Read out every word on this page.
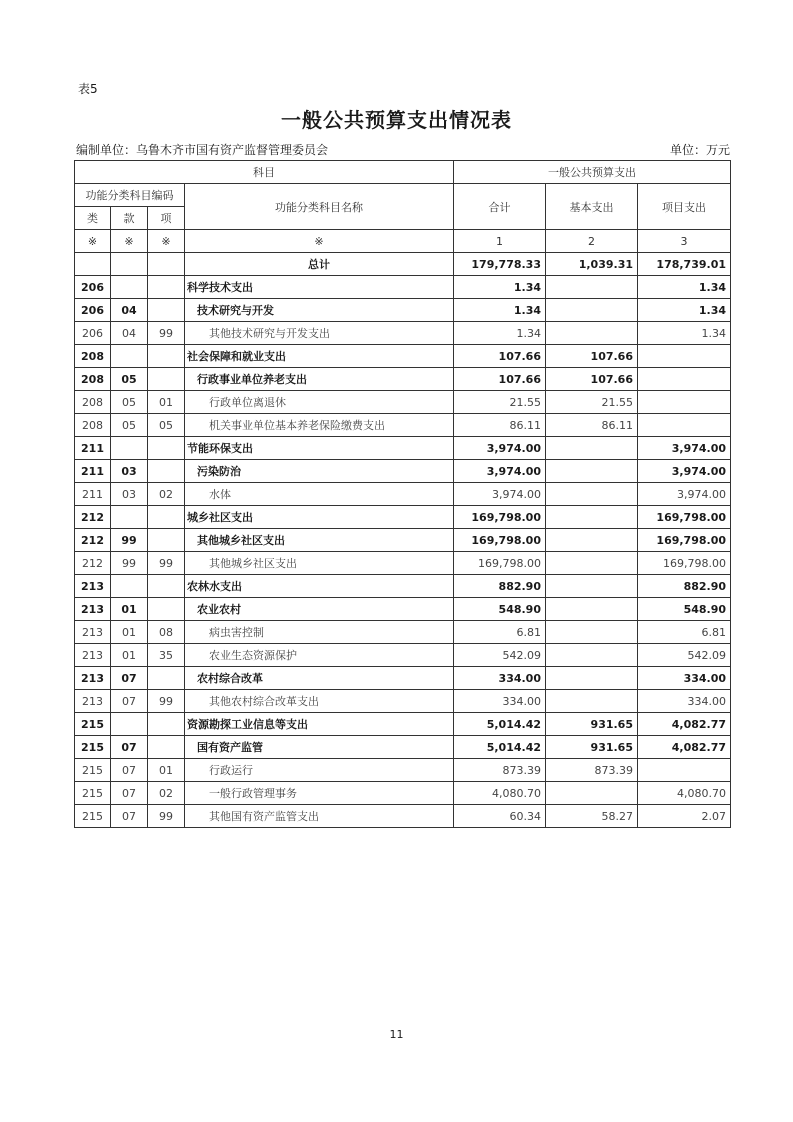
表5
一般公共预算支出情况表
编制单位：乌鲁木齐市国有资产监督管理委员会	单位：万元
科目				一般公共预算支出		
功能分类科目编码			功能分类科目名称	合计	基本支出	项目支出
类	款	项				
※	※	※	※	1	2	3
			总计	179,778.33	1,039.31	178,739.01
206			科学技术支出	1.34		1.34
206	04		技术研究与开发	1.34		1.34
206	04	99	其他技术研究与开发支出	1.34		1.34
208			社会保障和就业支出	107.66	107.66	
208	05		行政事业单位养老支出	107.66	107.66	
208	05	01	行政单位离退休	21.55	21.55	
208	05	05	机关事业单位基本养老保险缴费支出	86.11	86.11	
211			节能环保支出	3,974.00		3,974.00
211	03		污染防治	3,974.00		3,974.00
211	03	02	水体	3,974.00		3,974.00
212			城乡社区支出	169,798.00		169,798.00
212	99		其他城乡社区支出	169,798.00		169,798.00
212	99	99	其他城乡社区支出	169,798.00		169,798.00
213			农林水支出	882.90		882.90
213	01		农业农村	548.90		548.90
213	01	08	病虫害控制	6.81		6.81
213	01	35	农业生态资源保护	542.09		542.09
213	07		农村综合改革	334.00		334.00
213	07	99	其他农村综合改革支出	334.00		334.00
215			资源勘探工业信息等支出	5,014.42	931.65	4,082.77
215	07		国有资产监管	5,014.42	931.65	4,082.77
215	07	01	行政运行	873.39	873.39	
215	07	02	一般行政管理事务	4,080.70		4,080.70
215	07	99	其他国有资产监管支出	60.34	58.27	2.07
11
